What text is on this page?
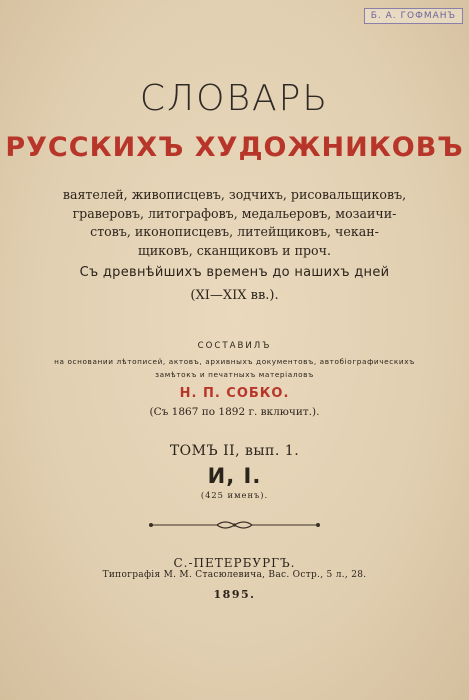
Б. А. ГОФМАНЪ
СЛОВАРЬ
РУССКИХЪ ХУДОЖНИКОВЪ
ваятелей, живописцевъ, зодчихъ, рисовальщиковъ,
граверовъ, литографовъ, медальеровъ, мозаичи-
стовъ, иконописцевъ, литейщиковъ, чекан-
щиковъ, сканщиковъ и проч.
Съ древнѣйшихъ временъ до нашихъ дней
(XI—XIX вв.).
СОСТАВИЛЪ
на основании лѣтописей, актовъ, архивныхъ документовъ, автобiографическихъ
замѣтокъ и печатныхъ матерiаловъ
Н. П. СОБКО.
(Съ 1867 по 1892 г. включит.).
ТОМЪ II, вып. 1.
И, I.
(425 именъ).
С.-ПЕТЕРБУРГЪ.
Типографiя М. М. Стасюлевича, Вас. Остр., 5 л., 28.
1895.
